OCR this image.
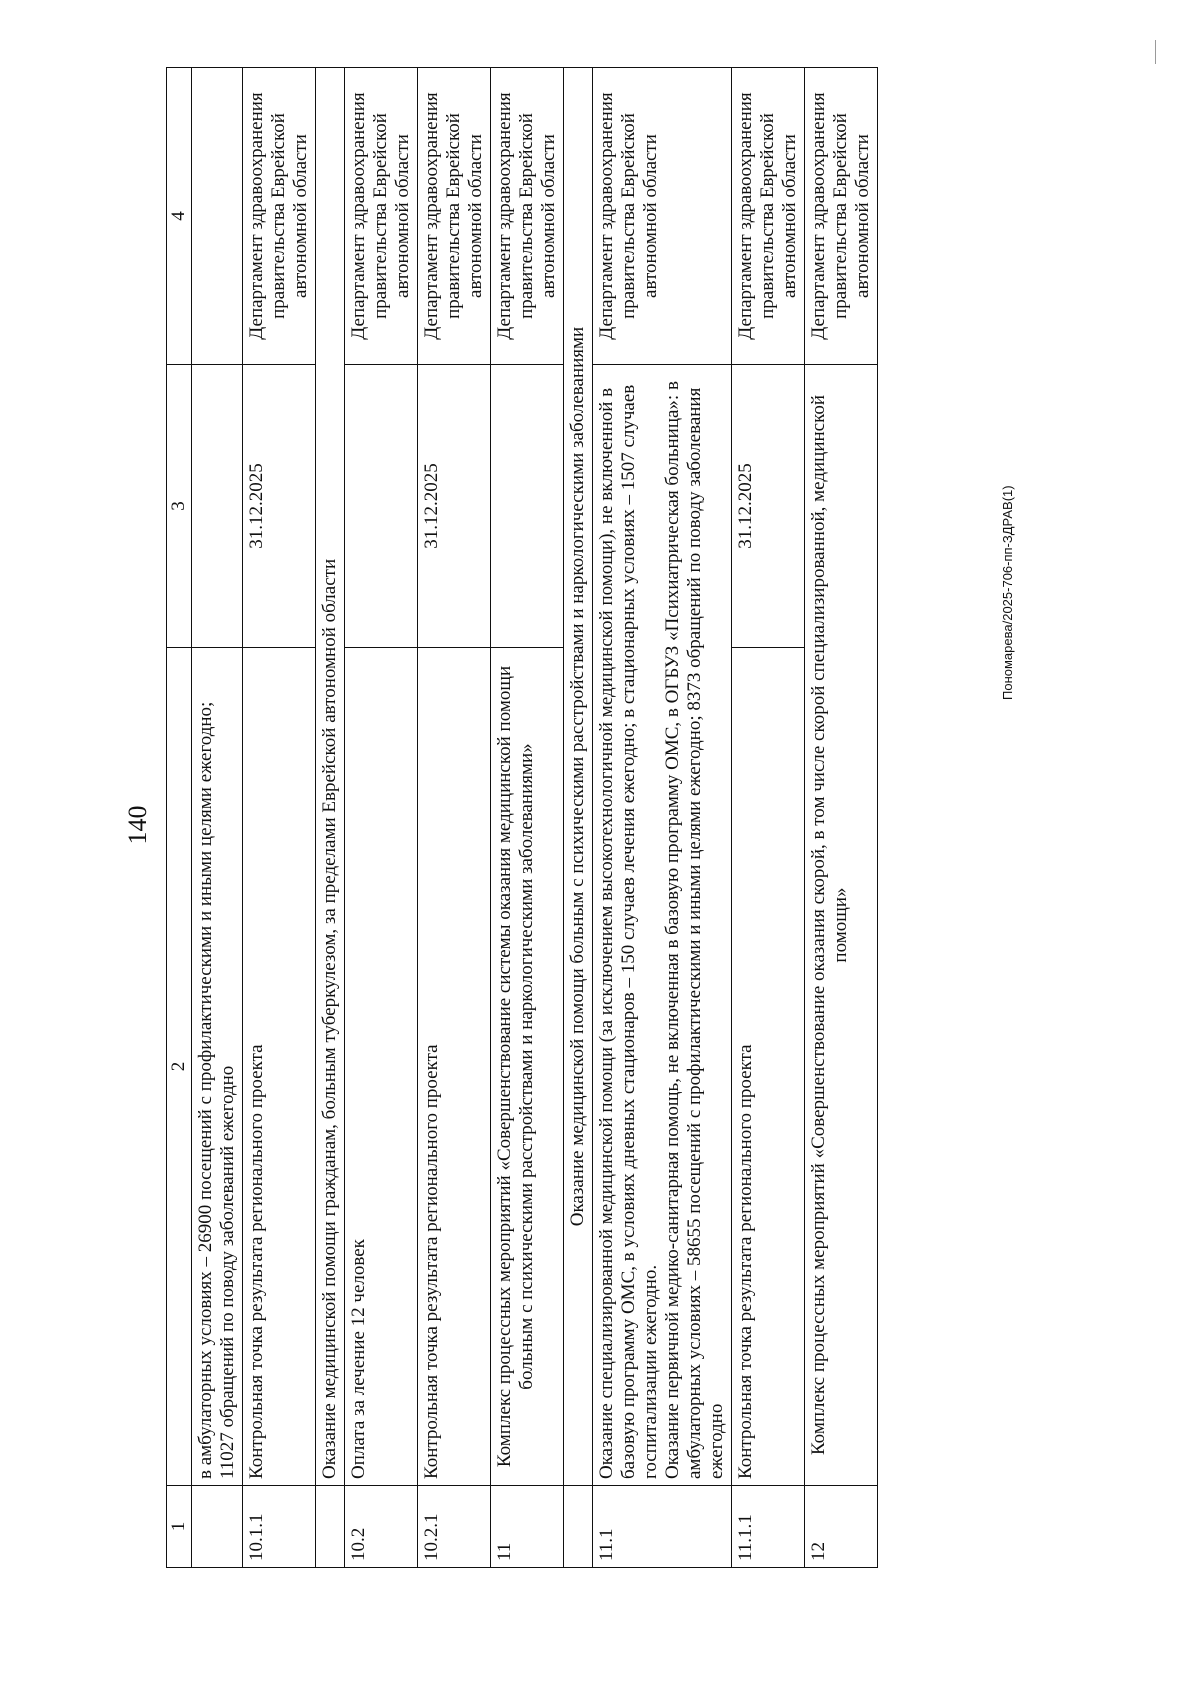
140
1	2	3	4
	в амбулаторных условиях – 26900 посещений с профилактическими и иными целями ежегодно; 11027 обращений по поводу заболеваний ежегодно		
10.1.1	Контрольная точка результата регионального проекта	31.12.2025	Департамент здравоохранения правительства Еврейской автономной области
	Оказание медицинской помощи гражданам, больным туберкулезом, за пределами Еврейской автономной области		
10.2	Оплата за лечение 12 человек		Департамент здравоохранения правительства Еврейской автономной области
10.2.1	Контрольная точка результата регионального проекта	31.12.2025	Департамент здравоохранения правительства Еврейской автономной области
11	Комплекс процессных мероприятий «Совершенствование системы оказания медицинской помощи больным с психическими расстройствами и наркологическими заболеваниями»		Департамент здравоохранения правительства Еврейской автономной области
	Оказание медицинской помощи больным с психическими расстройствами и наркологическими заболеваниями		
11.1	Оказание специализированной медицинской помощи (за исключением высокотехнологичной медицинской помощи), не включенной в базовую программу ОМС, в условиях дневных стационаров – 150 случаев лечения ежегодно; в стационарных условиях – 1507 случаев госпитализации ежегодно. Оказание первичной медико-санитарная помощь, не включенная в базовую программу ОМС, в ОГБУЗ «Психиатрическая больница»: в амбулаторных условиях – 58655 посещений с профилактическими и иными целями ежегодно; 8373 обращений по поводу заболевания ежегодно		Департамент здравоохранения правительства Еврейской автономной области
11.1.1	Контрольная точка результата регионального проекта	31.12.2025	Департамент здравоохранения правительства Еврейской автономной области
12	Комплекс процессных мероприятий «Совершенствование оказания скорой, в том числе скорой специализированной, медицинской помощи»		Департамент здравоохранения правительства Еврейской автономной области
Пономарева/2025-706-пп-ЗДРАВ(1)
